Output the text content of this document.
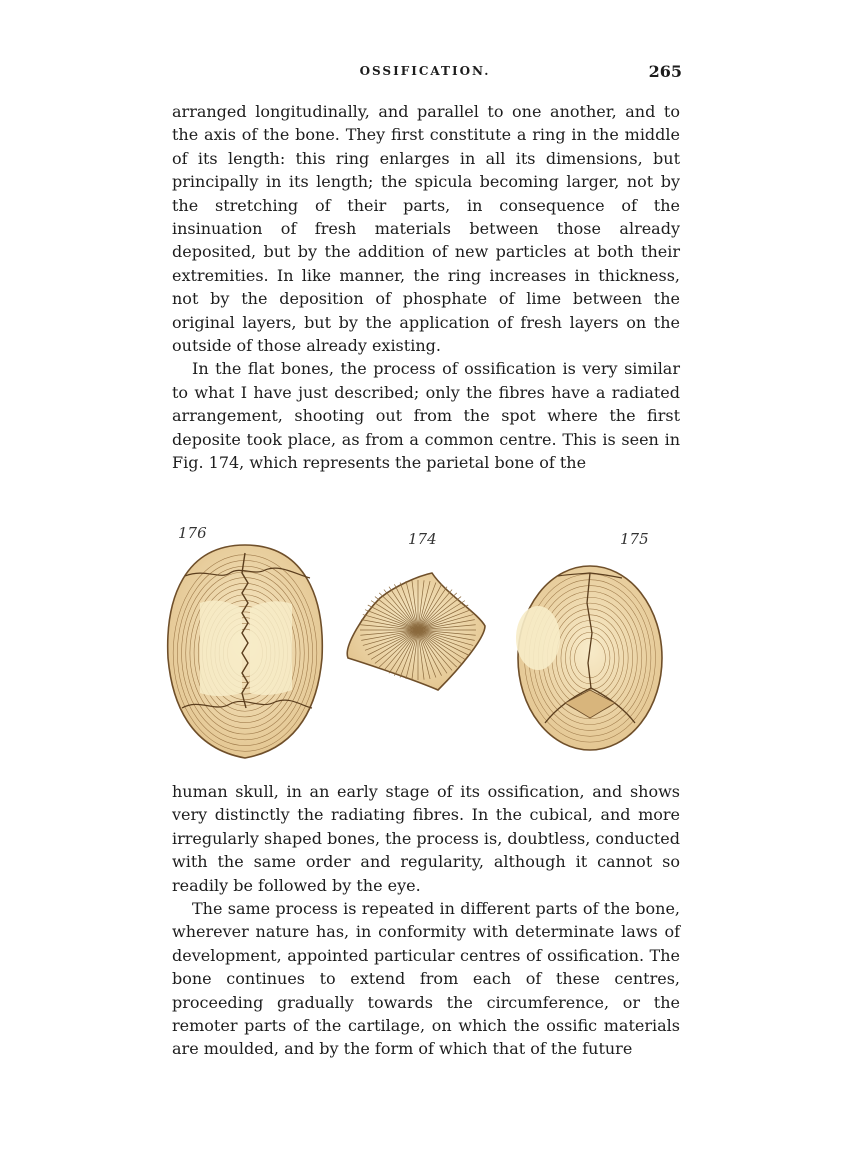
OSSIFICATION.	265

arranged longitudinally, and parallel to one another, and to the axis of the bone. They first constitute a ring in the middle of its length: this ring enlarges in all its dimensions, but principally in its length; the spicula becoming larger, not by the stretching of their parts, in consequence of the insinuation of fresh materials between those already deposited, but by the addition of new particles at both their extremities. In like manner, the ring increases in thickness, not by the deposition of phosphate of lime between the original layers, but by the application of fresh layers on the outside of those already existing.

In the flat bones, the process of ossification is very similar to what I have just described; only the fibres have a radiated arrangement, shooting out from the spot where the first deposite took place, as from a common centre. This is seen in Fig. 174, which represents the parietal bone of the

176	174	175

human skull, in an early stage of its ossification, and shows very distinctly the radiating fibres. In the cubical, and more irregularly shaped bones, the process is, doubtless, conducted with the same order and regularity, although it cannot so readily be followed by the eye.

The same process is repeated in different parts of the bone, wherever nature has, in conformity with determinate laws of development, appointed particular centres of ossification. The bone continues to extend from each of these centres, proceeding gradually towards the circumference, or the remoter parts of the cartilage, on which the ossific materials are moulded, and by the form of which that of the future
